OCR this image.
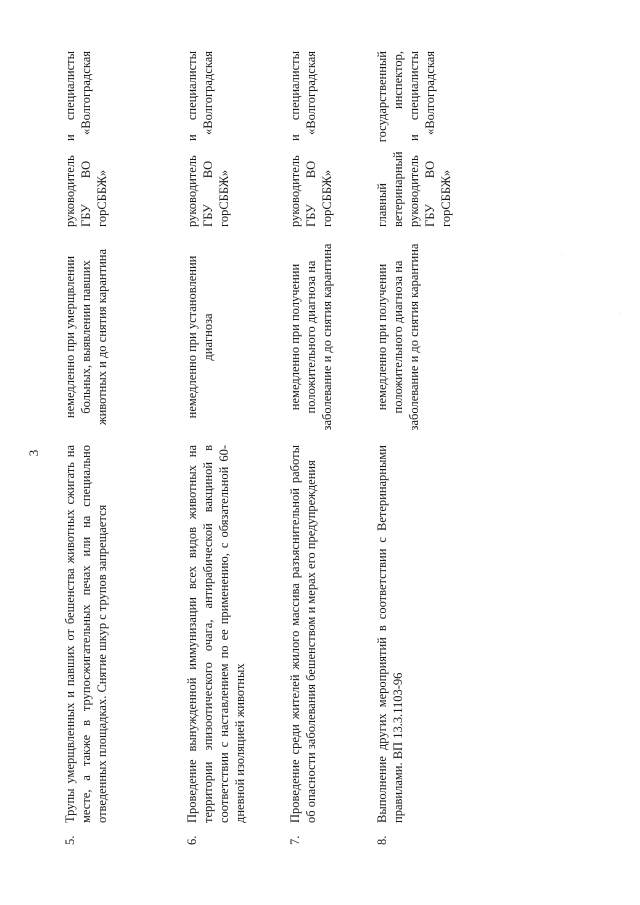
3
5.
Трупы умерщвленных и павших от бешенства животных сжигать на месте, а также в трупосжигательных печах или на специально отведенных площадках. Снятие шкур с трупов запрещается
немедленно при умерщвлении больных, выявлении павших животных и до снятия карантина
руководитель и специалисты ГБУ ВО «Волгоградская горСББЖ»
6.
Проведение вынужденной иммунизации всех видов животных на территории эпизоотического очага, антирабической вакциной в соответствии с наставлением по ее применению, с обязательной 60-дневной изоляцией животных
немедленно при установлении диагноза
руководитель и специалисты ГБУ ВО «Волгоградская горСББЖ»
7.
Проведение среди жителей жилого массива разъяснительной работы об опасности заболевания бешенством и мерах его предупреждения
немедленно при получении положительного диагноза на заболевание и до снятия карантина
руководитель и специалисты ГБУ ВО «Волгоградская горСББЖ»
8.
Выполнение других мероприятий в соответствии с Ветеринарными правилами. ВП 13.3.1103-96
немедленно при получении положительного диагноза на заболевание и до снятия карантина
главный государственный ветеринарный инспектор, руководитель и специалисты ГБУ ВО «Волгоградская горСББЖ»
·
·
